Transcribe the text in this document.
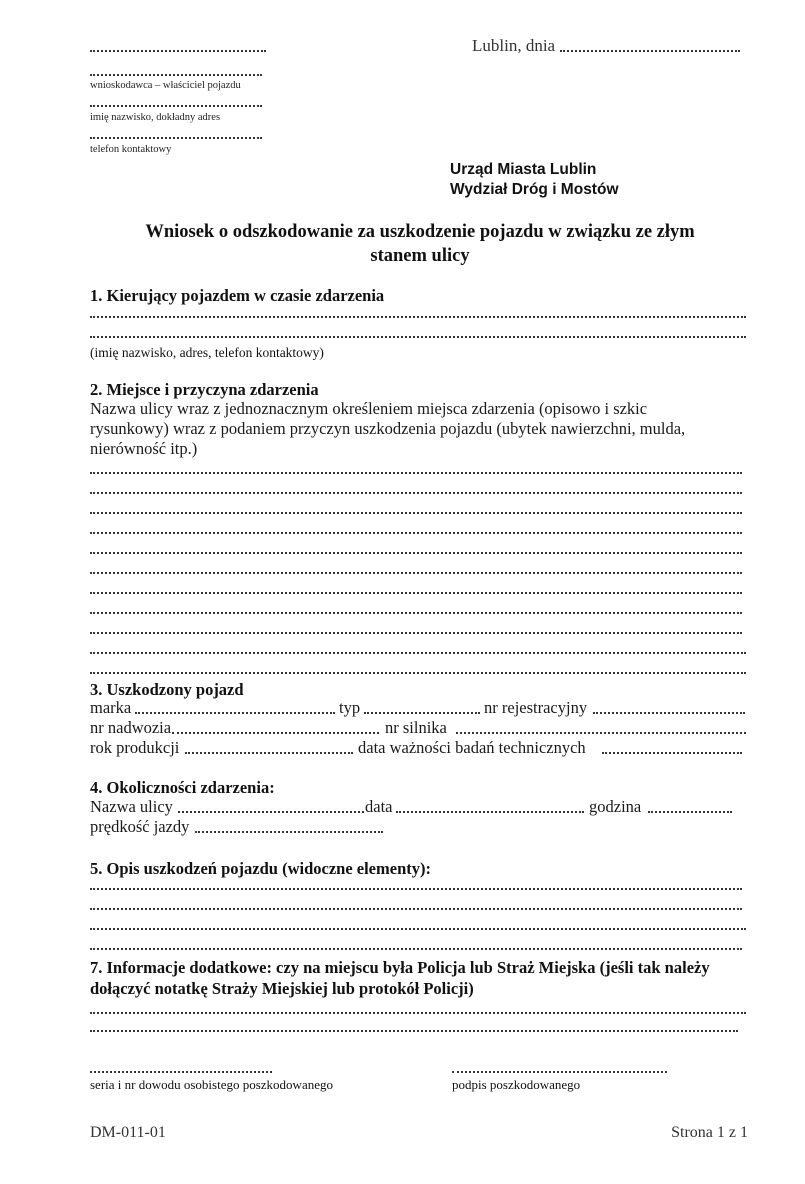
wnioskodawca – właściciel pojazdu
imię nazwisko, dokładny adres
telefon kontaktowy
Lublin, dnia
Urząd Miasta Lublin
Wydział Dróg i Mostów
Wniosek o odszkodowanie za uszkodzenie pojazdu w związku ze złym
stanem ulicy
1. Kierujący pojazdem w czasie zdarzenia
(imię nazwisko, adres, telefon kontaktowy)
2. Miejsce i przyczyna zdarzenia
Nazwa ulicy wraz z jednoznacznym określeniem miejsca zdarzenia (opisowo i szkic
rysunkowy) wraz z podaniem przyczyn uszkodzenia pojazdu (ubytek nawierzchni, mulda,
nierówność itp.)
3. Uszkodzony pojazd
marka	typ	nr rejestracyjny
nr nadwozia	nr silnika
rok produkcji	data ważności badań technicznych
4. Okoliczności zdarzenia:
Nazwa ulicy	data	godzina
prędkość jazdy
5. Opis uszkodzeń pojazdu (widoczne elementy):
7. Informacje dodatkowe: czy na miejscu była Policja lub Straż Miejska (jeśli tak należy
dołączyć notatkę Straży Miejskiej lub protokół Policji)
seria i nr dowodu osobistego poszkodowanego	podpis poszkodowanego
DM-011-01	Strona 1 z 1
